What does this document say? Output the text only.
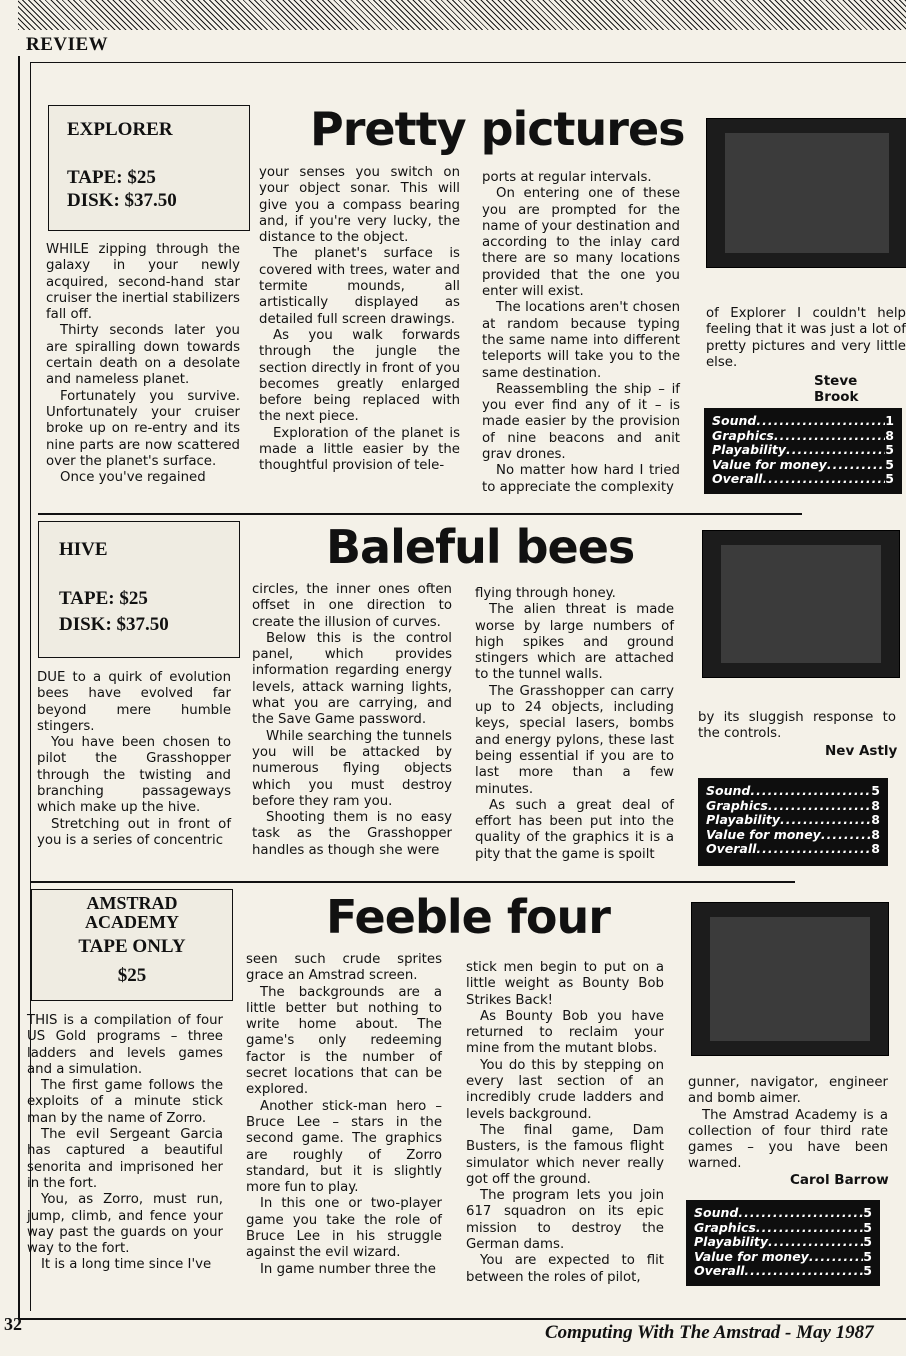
REVIEW
EXPLORER
TAPE: $25
DISK: $37.50
Pretty pictures

WHILE zipping through the galaxy in your newly acquired, second-hand star cruiser the inertial stabilizers fall off.

Thirty seconds later you are spiralling down towards certain death on a desolate and nameless planet.

Fortunately you survive. Unfortunately your cruiser broke up on re-entry and its nine parts are now scattered over the planet's surface.

Once you've regained

your senses you switch on your object sonar. This will give you a compass bearing and, if you're very lucky, the distance to the object.

The planet's surface is covered with trees, water and termite mounds, all artistically displayed as detailed full screen drawings.

As you walk forwards through the jungle the section directly in front of you becomes greatly enlarged before being replaced with the next piece.

Exploration of the planet is made a little easier by the thoughtful provision of tele-

ports at regular intervals.

On entering one of these you are prompted for the name of your destination and according to the inlay card there are so many locations provided that the one you enter will exist.

The locations aren't chosen at random because typing the same name into different teleports will take you to the same destination.

Reassembling the ship – if you ever find any of it – is made easier by the provision of nine beacons and anit grav drones.

No matter how hard I tried to appreciate the complexity

of Explorer I couldn't help feeling that it was just a lot of pretty pictures and very little else.

Steve Brook
Sound .....	1
Graphics .....	8
Playability .....	5
Value for money .....	5
Overall .....	5
HIVE
TAPE: $25
DISK: $37.50
Baleful bees

DUE to a quirk of evolution bees have evolved far beyond mere humble stingers.

You have been chosen to pilot the Grasshopper through the twisting and branching passageways which make up the hive.

Stretching out in front of you is a series of concentric

circles, the inner ones often offset in one direction to create the illusion of curves.

Below this is the control panel, which provides information regarding energy levels, attack warning lights, what you are carrying, and the Save Game password.

While searching the tunnels you will be attacked by numerous flying objects which you must destroy before they ram you.

Shooting them is no easy task as the Grasshopper handles as though she were

flying through honey.

The alien threat is made worse by large numbers of high spikes and ground stingers which are attached to the tunnel walls.

The Grasshopper can carry up to 24 objects, including keys, special lasers, bombs and energy pylons, these last being essential if you are to last more than a few minutes.

As such a great deal of effort has been put into the quality of the graphics it is a pity that the game is spoilt

by its sluggish response to the controls.

Nev Astly
Sound .....	5
Graphics .....	8
Playability .....	8
Value for money .....	8
Overall .....	8
AMSTRAD ACADEMY
TAPE ONLY
$25
Feeble four

THIS is a compilation of four US Gold programs – three ladders and levels games and a simulation.

The first game follows the exploits of a minute stick man by the name of Zorro.

The evil Sergeant Garcia has captured a beautiful senorita and imprisoned her in the fort.

You, as Zorro, must run, jump, climb, and fence your way past the guards on your way to the fort.

It is a long time since I've

seen such crude sprites grace an Amstrad screen.

The backgrounds are a little better but nothing to write home about. The game's only redeeming factor is the number of secret locations that can be explored.

Another stick-man hero – Bruce Lee – stars in the second game. The graphics are roughly of Zorro standard, but it is slightly more fun to play.

In this one or two-player game you take the role of Bruce Lee in his struggle against the evil wizard.

In game number three the

stick men begin to put on a little weight as Bounty Bob Strikes Back!

As Bounty Bob you have returned to reclaim your mine from the mutant blobs.

You do this by stepping on every last section of an incredibly crude ladders and levels background.

The final game, Dam Busters, is the famous flight simulator which never really got off the ground.

The program lets you join 617 squadron on its epic mission to destroy the German dams.

You are expected to flit between the roles of pilot,

gunner, navigator, engineer and bomb aimer.

The Amstrad Academy is a collection of four third rate games – you have been warned.

Carol Barrow
Sound .....	5
Graphics .....	5
Playability .....	5
Value for money .....	5
Overall .....	5
32	Computing With The Amstrad - May 1987
